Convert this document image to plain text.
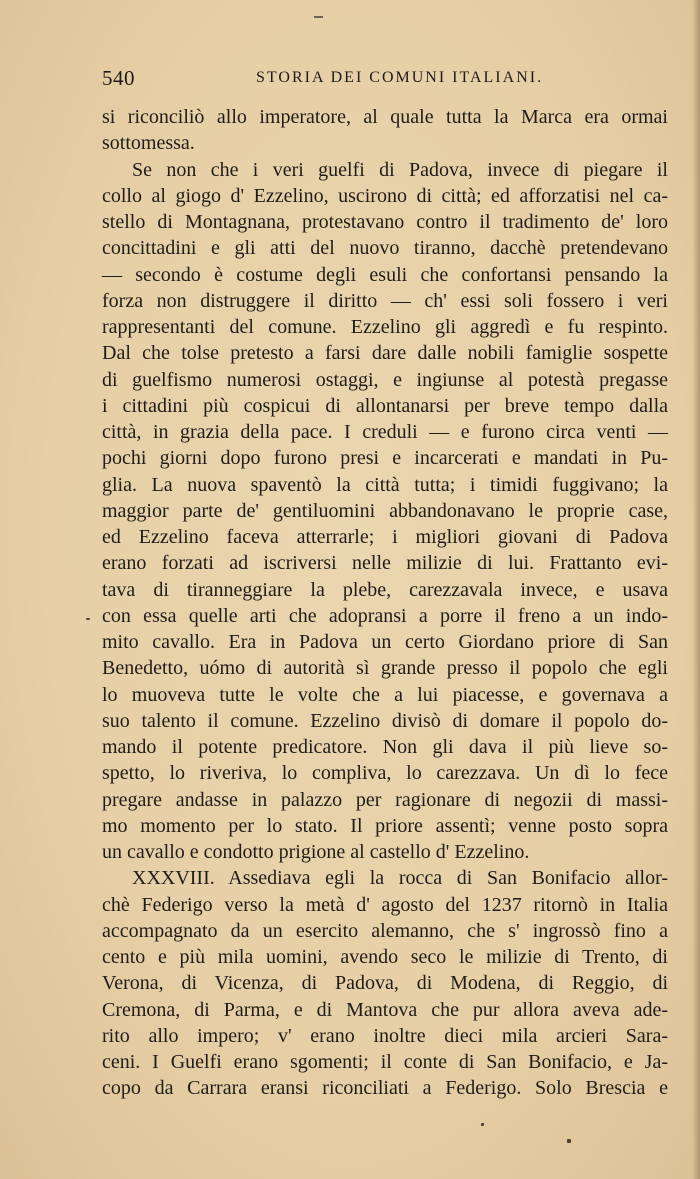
540	STORIA DEI COMUNI ITALIANI.
si riconciliò allo imperatore, al quale tutta la Marca era ormai
sottomessa.
Se non che i veri guelfi di Padova, invece di piegare il
collo al giogo d' Ezzelino, uscirono di città; ed afforzatisi nel ca-
stello di Montagnana, protestavano contro il tradimento de' loro
concittadini e gli atti del nuovo tiranno, dacchè pretendevano
— secondo è costume degli esuli che confortansi pensando la
forza non distruggere il diritto — ch' essi soli fossero i veri
rappresentanti del comune. Ezzelino gli aggredì e fu respinto.
Dal che tolse pretesto a farsi dare dalle nobili famiglie sospette
di guelfismo numerosi ostaggi, e ingiunse al potestà pregasse
i cittadini più cospicui di allontanarsi per breve tempo dalla
città, in grazia della pace. I creduli — e furono circa venti —
pochi giorni dopo furono presi e incarcerati e mandati in Pu-
glia. La nuova spaventò la città tutta; i timidi fuggivano; la
maggior parte de' gentiluomini abbandonavano le proprie case,
ed Ezzelino faceva atterrarle; i migliori giovani di Padova
erano forzati ad iscriversi nelle milizie di lui. Frattanto evi-
tava di tiranneggiare la plebe, carezzavala invece, e usava
con essa quelle arti che adopransi a porre il freno a un indo-
mito cavallo. Era in Padova un certo Giordano priore di San
Benedetto, uómo di autorità sì grande presso il popolo che egli
lo muoveva tutte le volte che a lui piacesse, e governava a
suo talento il comune. Ezzelino divisò di domare il popolo do-
mando il potente predicatore. Non gli dava il più lieve so-
spetto, lo riveriva, lo compliva, lo carezzava. Un dì lo fece
pregare andasse in palazzo per ragionare di negozii di massi-
mo momento per lo stato. Il priore assentì; venne posto sopra
un cavallo e condotto prigione al castello d' Ezzelino.
XXXVIII. Assediava egli la rocca di San Bonifacio allor-
chè Federigo verso la metà d' agosto del 1237 ritornò in Italia
accompagnato da un esercito alemanno, che s' ingrossò fino a
cento e più mila uomini, avendo seco le milizie di Trento, di
Verona, di Vicenza, di Padova, di Modena, di Reggio, di
Cremona, di Parma, e di Mantova che pur allora aveva ade-
rito allo impero; v' erano inoltre dieci mila arcieri Sara-
ceni. I Guelfi erano sgomenti; il conte di San Bonifacio, e Ja-
copo da Carrara eransi riconciliati a Federigo. Solo Brescia e
